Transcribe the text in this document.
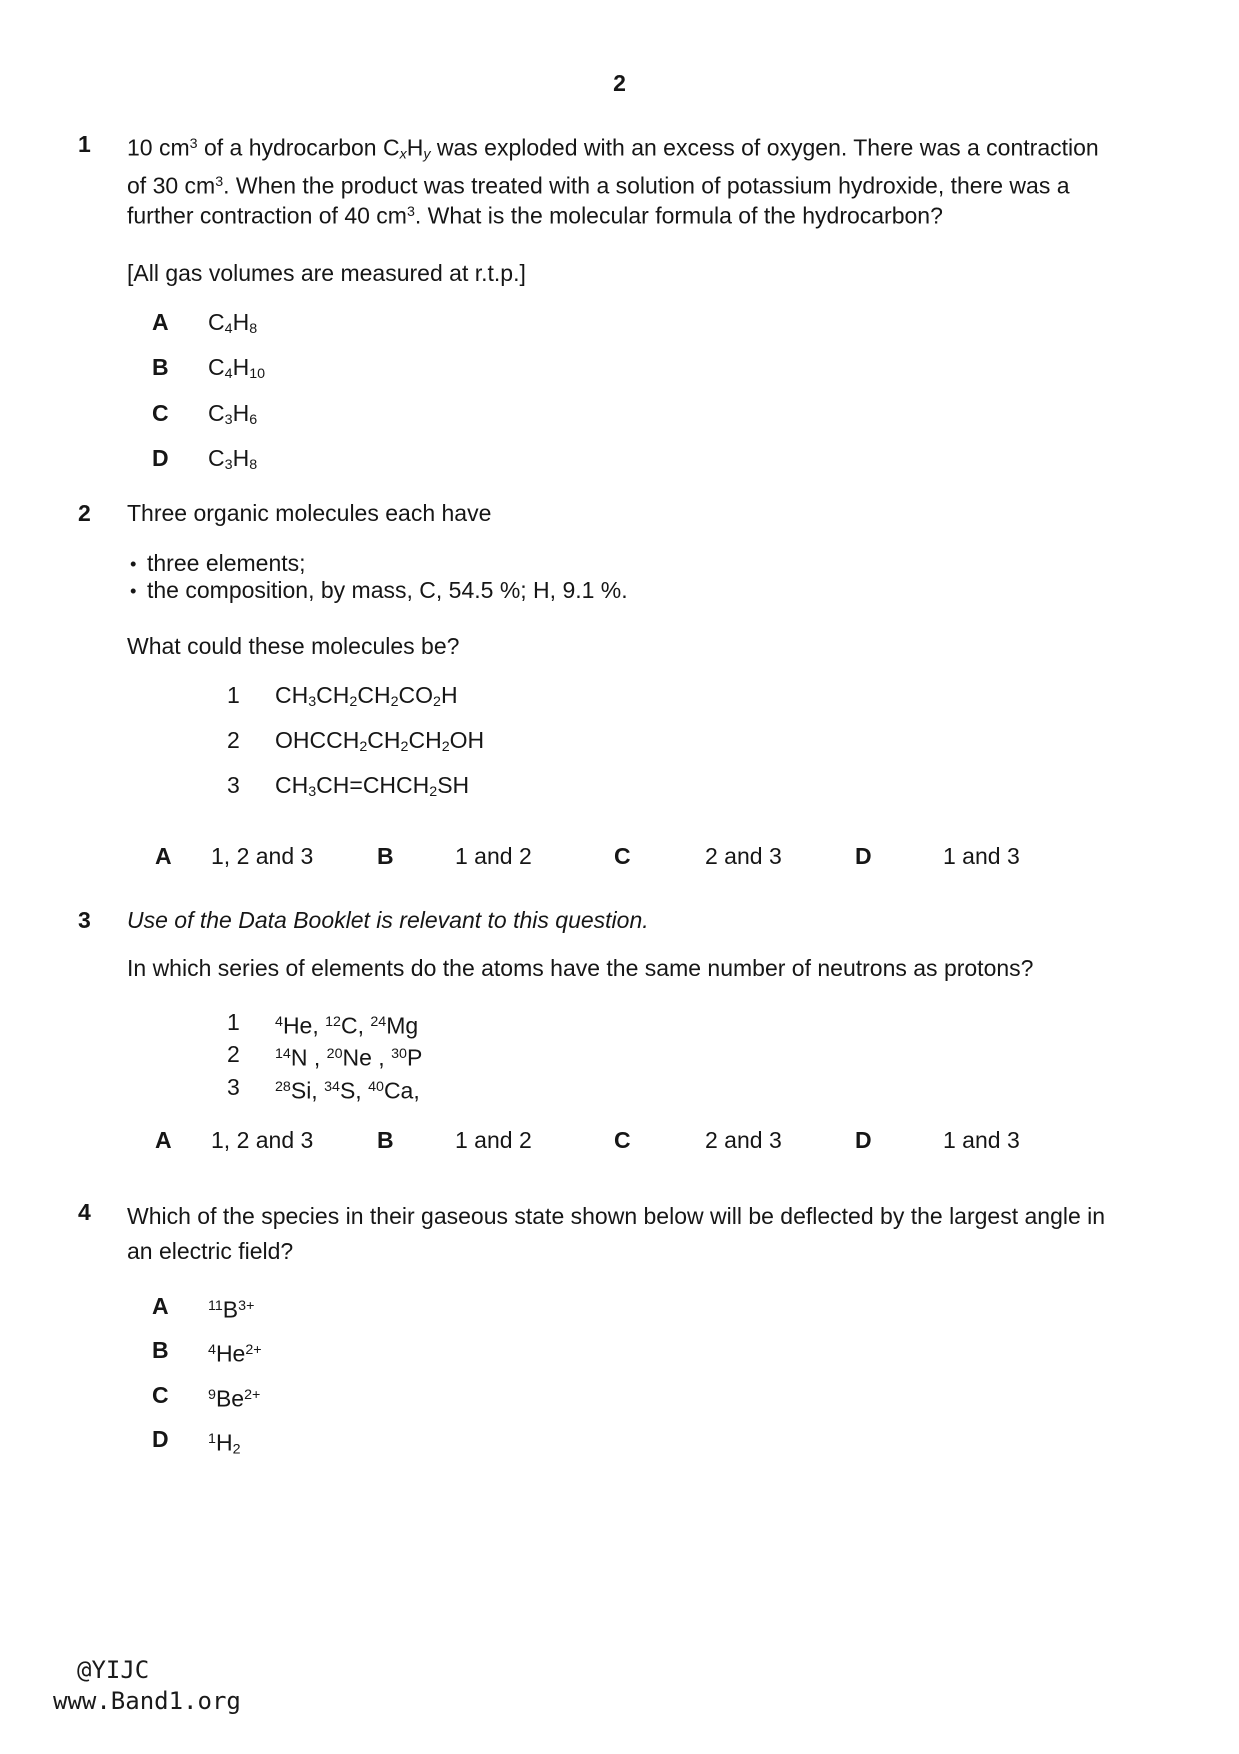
2
1	10 $cm^3$ of a hydrocarbon $C_xH_y$ was exploded with an excess of oxygen. There was a contraction
of 30 $cm^3$. When the product was treated with a solution of potassium hydroxide, there was a
further contraction of 40 $cm^3$. What is the molecular formula of the hydrocarbon?
[All gas volumes are measured at r.t.p.]
A	$C_4H_8$
B	$C_4H_{10}$
C	$C_3H_6$
D	$C_3H_8$
2	Three organic molecules each have
• three elements;
• the composition, by mass, C, 54.5 %; H, 9.1 %.
What could these molecules be?
1	$CH_3CH_2CH_2CO_2H$
2	$OHCCH_2CH_2CH_2OH$
3	$CH_3CH=CHCH_2SH$
A	1, 2 and 3	B	1 and 2	C	2 and 3	D	1 and 3
3	Use of the Data Booklet is relevant to this question.
In which series of elements do the atoms have the same number of neutrons as protons?
1	$^4$He, $^{12}$C, $^{24}$Mg
2	$^{14}$N , $^{20}$Ne , $^{30}$P
3	$^{28}$Si, $^{34}$S, $^{40}$Ca,
A	1, 2 and 3	B	1 and 2	C	2 and 3	D	1 and 3
4	Which of the species in their gaseous state shown below will be deflected by the largest angle in
an electric field?
A	$^{11}B^{3+}$
B	$^4He^{2+}$
C	$^9Be^{2+}$
D	$^1H_2$
@YIJC
www.Band1.org
